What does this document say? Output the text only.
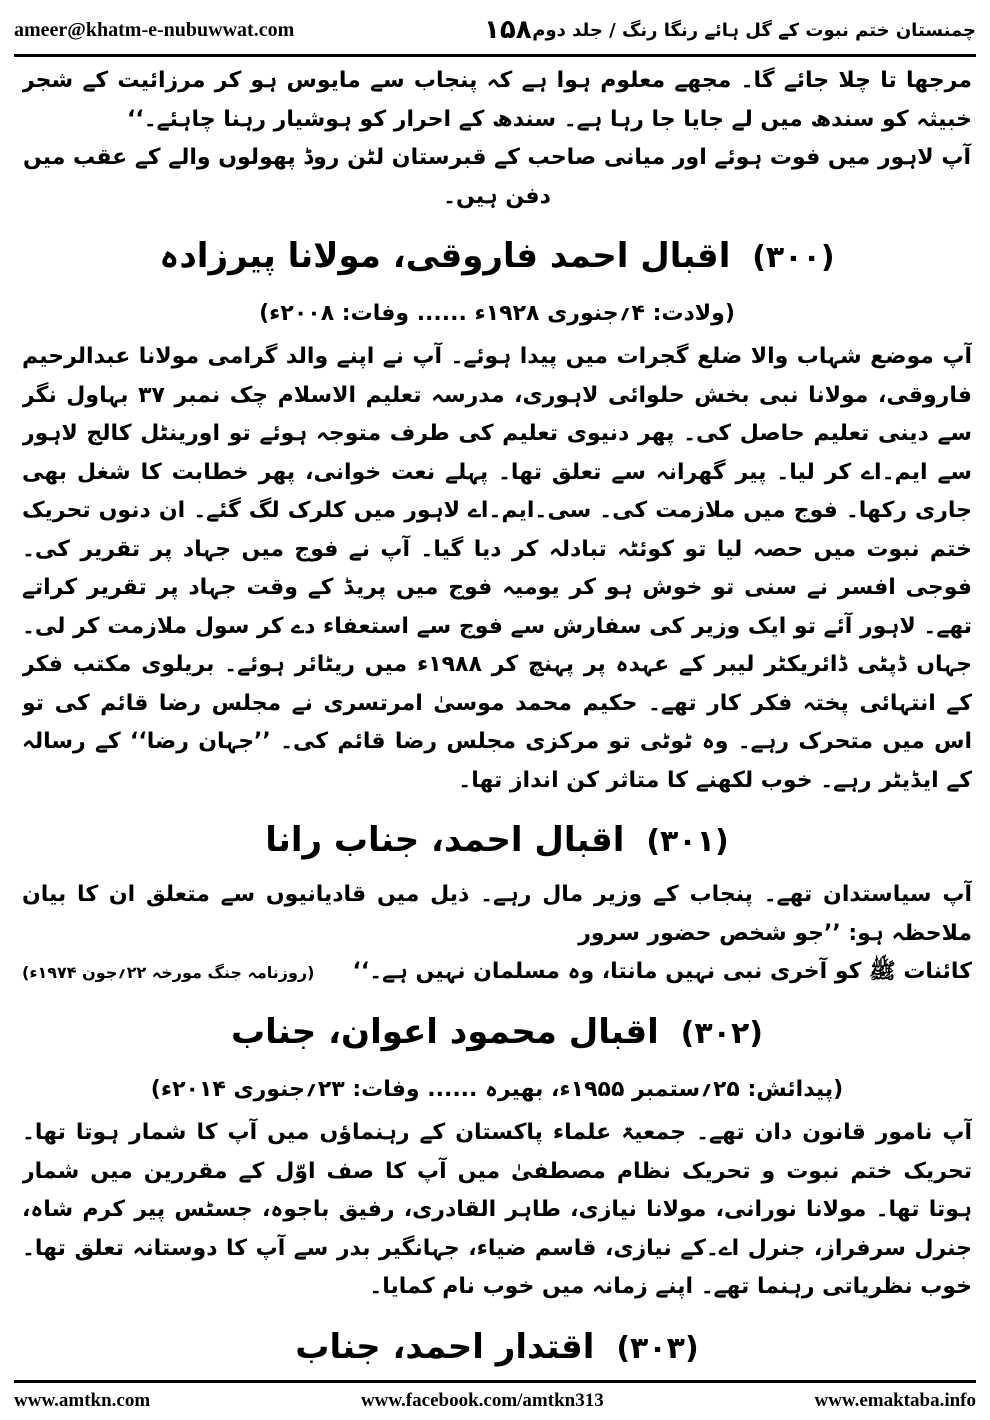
ameer@khatm-e-nubuwwat.com	۱۵۸ چمنستان ختم نبوت کے گل ہائے رنگا رنگ / جلد دوم

مرجھا تا چلا جائے گا۔ مجھے معلوم ہوا ہے کہ پنجاب سے مایوس ہو کر مرزائیت کے شجر خبیثہ کو سندھ میں لے جایا جا رہا ہے۔ سندھ کے احرار کو ہوشیار رہنا چاہئے۔‘‘

آپ لاہور میں فوت ہوئے اور میانی صاحب کے قبرستان لٹن روڈ پھولوں والے کے عقب میں دفن ہیں۔

(۳۰۰) اقبال احمد فاروقی، مولانا پیرزادہ
(ولادت: ۴؍جنوری ۱۹۲۸ء ...... وفات: ۲۰۰۸ء)

آپ موضع شہاب والا ضلع گجرات میں پیدا ہوئے۔ آپ نے اپنے والد گرامی مولانا عبدالرحیم فاروقی، مولانا نبی بخش حلوائی لاہوری، مدرسہ تعلیم الاسلام چک نمبر ۳۷ بہاول نگر سے دینی تعلیم حاصل کی۔ پھر دنیوی تعلیم کی طرف متوجہ ہوئے تو اورینٹل کالج لاہور سے ایم۔اے کر لیا۔ پیر گھرانہ سے تعلق تھا۔ پہلے نعت خوانی، پھر خطابت کا شغل بھی جاری رکھا۔ فوج میں ملازمت کی۔ سی۔ایم۔اے لاہور میں کلرک لگ گئے۔ ان دنوں تحریک ختم نبوت میں حصہ لیا تو کوئٹہ تبادلہ کر دیا گیا۔ آپ نے فوج میں جہاد پر تقریر کی۔ فوجی افسر نے سنی تو خوش ہو کر یومیہ فوج میں پریڈ کے وقت جہاد پر تقریر کراتے تھے۔ لاہور آئے تو ایک وزیر کی سفارش سے فوج سے استعفاء دے کر سول ملازمت کر لی۔ جہاں ڈپٹی ڈائریکٹر لیبر کے عہدہ پر پہنچ کر ۱۹۸۸ء میں ریٹائر ہوئے۔ بریلوی مکتب فکر کے انتہائی پختہ فکر کار تھے۔ حکیم محمد موسیٰ امرتسری نے مجلس رضا قائم کی تو اس میں متحرک رہے۔ وہ ٹوٹی تو مرکزی مجلس رضا قائم کی۔ ’’جہان رضا‘‘ کے رسالہ کے ایڈیٹر رہے۔ خوب لکھنے کا متاثر کن انداز تھا۔

(۳۰۱) اقبال احمد، جناب رانا

آپ سیاستدان تھے۔ پنجاب کے وزیر مال رہے۔ ذیل میں قادیانیوں سے متعلق ان کا بیان ملاحظہ ہو: ’’جو شخص حضور سرور

کائنات ﷺ کو آخری نبی نہیں مانتا، وہ مسلمان نہیں ہے۔‘‘
(روزنامہ جنگ مورخہ ۲۲؍جون ۱۹۷۴ء)
(۳۰۲) اقبال محمود اعوان، جناب
(پیدائش: ۲۵؍ستمبر ۱۹۵۵ء، بھیرہ ...... وفات: ۲۳؍جنوری ۲۰۱۴ء)

آپ نامور قانون دان تھے۔ جمعیۃ علماء پاکستان کے رہنماؤں میں آپ کا شمار ہوتا تھا۔ تحریک ختم نبوت و تحریک نظام مصطفیٰ میں آپ کا صف اوّل کے مقررین میں شمار ہوتا تھا۔ مولانا نورانی، مولانا نیازی، طاہر القادری، رفیق باجوہ، جسٹس پیر کرم شاہ، جنرل سرفراز، جنرل اے۔کے نیازی، قاسم ضیاء، جہانگیر بدر سے آپ کا دوستانہ تعلق تھا۔ خوب نظریاتی رہنما تھے۔ اپنے زمانہ میں خوب نام کمایا۔

(۳۰۳) اقتدار احمد، جناب

www.amtkn.com	www.facebook.com/amtkn313	www.emaktaba.info
